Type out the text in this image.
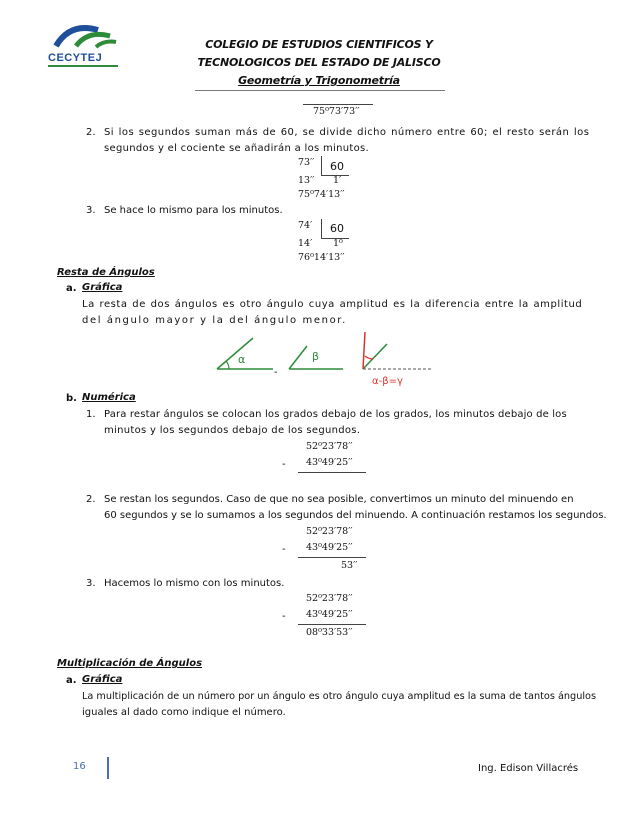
CECYTEJ
COLEGIO DE ESTUDIOS CIENTIFICOS Y
TECNOLOGICOS DEL ESTADO DE JALISCO
Geometría y Trigonometría
75⁰73′73′′
2. Si los segundos suman más de 60, se divide dicho número entre 60; el resto serán los
segundos y el cociente se añadirán a los minutos.
73′′ 60
13′′ 1′
75⁰74′13′′
3. Se hace lo mismo para los minutos.
74′ 60
14′ 1⁰
76⁰14′13′′
Resta de Ángulos
a. Gráfica
La resta de dos ángulos es otro ángulo cuya amplitud es la diferencia entre la amplitud
del ángulo mayor y la del ángulo menor.
α
-
β
α-β=γ
b. Numérica
1. Para restar ángulos se colocan los grados debajo de los grados, los minutos debajo de los
minutos y los segundos debajo de los segundos.
52⁰23′78′′
- 43⁰49′25′′
2. Se restan los segundos. Caso de que no sea posible, convertimos un minuto del minuendo en
60 segundos y se lo sumamos a los segundos del minuendo. A continuación restamos los segundos.
52⁰23′78′′
- 43⁰49′25′′
53′′
3. Hacemos lo mismo con los minutos.
52⁰23′78′′
- 43⁰49′25′′
08⁰33′53′′
Multiplicación de Ángulos
a. Gráfica
La multiplicación de un número por un ángulo es otro ángulo cuya amplitud es la suma de tantos ángulos
iguales al dado como indique el número.
16	Ing. Edison Villacrés
